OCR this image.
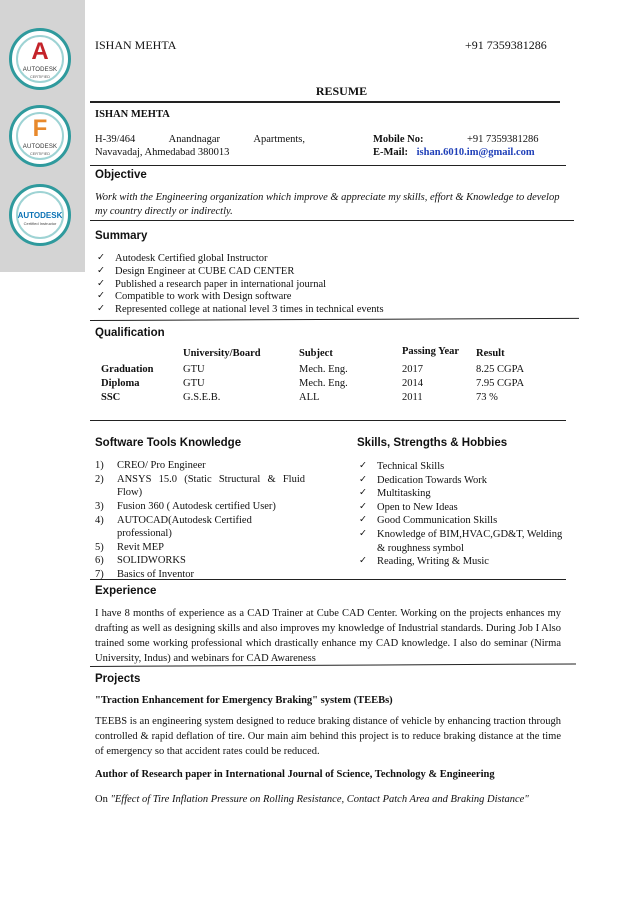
A
AUTODESK
CERTIFIED
F
AUTODESK
CERTIFIED
AUTODESK
Certified Instructor
ISHAN MEHTA	+91 7359381286
RESUME
ISHAN MEHTA
H-39/464 Anandnagar Apartments,
Navavadaj, Ahmedabad 380013
Mobile No:	+91 7359381286
E-Mail: ishan.6010.im@gmail.com
Objective
Work with the Engineering organization which improve & appreciate my skills, effort & Knowledge to develop my country directly or indirectly.
Summary
✓ Autodesk Certified global Instructor
✓ Design Engineer at CUBE CAD CENTER
✓ Published a research paper in international journal
✓ Compatible to work with Design software
✓ Represented college at national level 3 times in technical events
Qualification
	University/Board	Subject	Passing Year	Result
Graduation	GTU	Mech. Eng.	2017	8.25 CGPA
Diploma	GTU	Mech. Eng.	2014	7.95 CGPA
SSC	G.S.E.B.	ALL	2011	73 %
Software Tools Knowledge
1) CREO/ Pro Engineer
2) ANSYS 15.0 (Static Structural & Fluid Flow)
3) Fusion 360 ( Autodesk certified User)
4) AUTOCAD(Autodesk Certified professional)
5) Revit MEP
6) SOLIDWORKS
7) Basics of Inventor
Skills, Strengths & Hobbies
✓ Technical Skills
✓ Dedication Towards Work
✓ Multitasking
✓ Open to New Ideas
✓ Good Communication Skills
✓ Knowledge of BIM,HVAC,GD&T, Welding
& roughness symbol
✓ Reading, Writing & Music
Experience
I have 8 months of experience as a CAD Trainer at Cube CAD Center. Working on the projects enhances my drafting as well as designing skills and also improves my knowledge of Industrial standards. During Job I Also trained some working professional which drastically enhance my CAD knowledge. I also do seminar (Nirma University, Indus) and webinars for CAD Awareness
Projects
"Traction Enhancement for Emergency Braking" system (TEEBs)
TEEBS is an engineering system designed to reduce braking distance of vehicle by enhancing traction through controlled & rapid deflation of tire. Our main aim behind this project is to reduce braking distance at the time of emergency so that accident rates could be reduced.
Author of Research paper in International Journal of Science, Technology & Engineering
On "Effect of Tire Inflation Pressure on Rolling Resistance, Contact Patch Area and Braking Distance"
